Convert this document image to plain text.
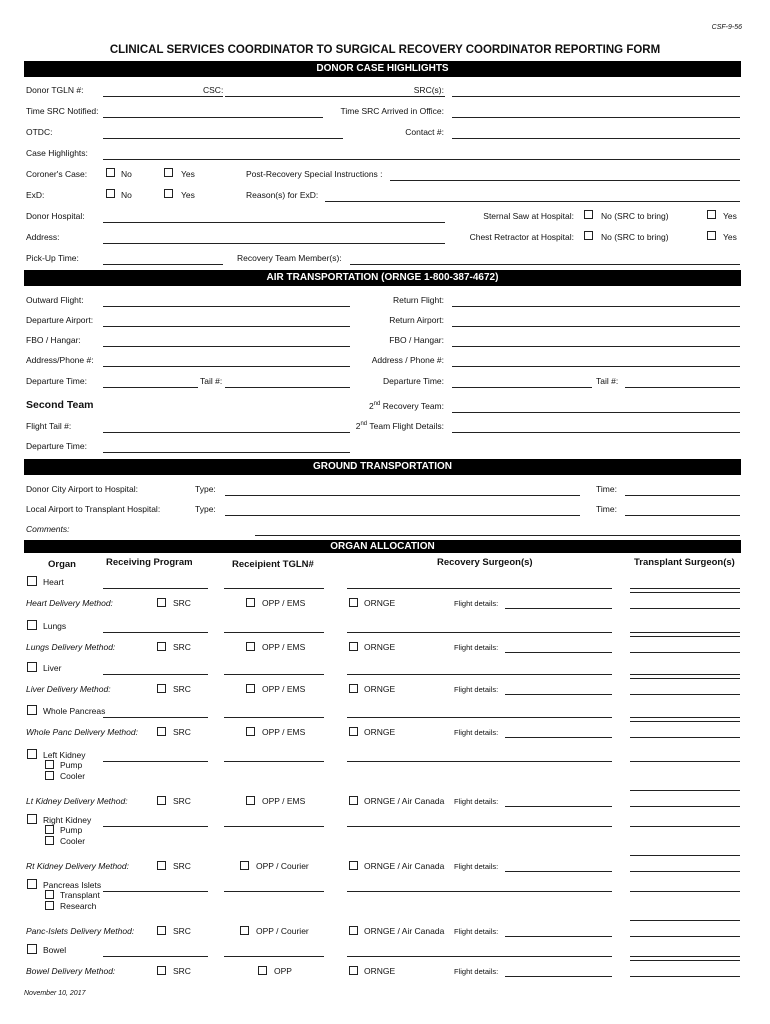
CSF-9-56
CLINICAL SERVICES COORDINATOR TO SURGICAL RECOVERY COORDINATOR REPORTING FORM
DONOR CASE HIGHLIGHTS
Donor TGLN #:	CSC:	SRC(s):
Time SRC Notified:	Time SRC Arrived in Office:
OTDC:	Contact #:
Case Highlights:
Coroner's Case:	No	Yes	Post-Recovery Special Instructions :
ExD:	No	Yes	Reason(s) for ExD:
Donor Hospital:	Sternal Saw at Hospital:	No (SRC to bring)	Yes
Address:	Chest Retractor at Hospital:	No (SRC to bring)	Yes
Pick-Up Time:	Recovery Team Member(s):
AIR TRANSPORTATION (ORNGE 1-800-387-4672)
Outward Flight:	Return Flight:
Departure Airport:	Return Airport:
FBO / Hangar:	FBO / Hangar:
Address/Phone #:	Address / Phone #:
Departure Time:	Tail #:	Departure Time:	Tail #:
Second Team	2nd Recovery Team:
Flight Tail #:	2nd Team Flight Details:
Departure Time:
GROUND TRANSPORTATION
Donor City Airport to Hospital:	Type:	Time:
Local Airport to Transplant Hospital:	Type:	Time:
Comments:
ORGAN ALLOCATION
Organ	Receiving Program	Receipient TGLN#	Recovery Surgeon(s)	Transplant Surgeon(s)
Heart
Heart Delivery Method:	SRC	OPP / EMS	ORNGE	Flight details:
Lungs
Lungs Delivery Method:	SRC	OPP / EMS	ORNGE	Flight details:
Liver
Liver Delivery Method:	SRC	OPP / EMS	ORNGE	Flight details:
Whole Pancreas
Whole Panc Delivery Method:	SRC	OPP / EMS	ORNGE	Flight details:
Left Kidney
Pump
Cooler
Lt Kidney Delivery Method:	SRC	OPP / EMS	ORNGE / Air Canada Flight details:
Right Kidney
Pump
Cooler
Rt Kidney Delivery Method:	SRC	OPP / Courier	ORNGE / Air Canada Flight details:
Pancreas Islets
Transplant
Research
Panc-Islets Delivery Method:	SRC	OPP / Courier	ORNGE / Air Canada Flight details:
Bowel
Bowel Delivery Method:	SRC	OPP	ORNGE	Flight details:
November 10, 2017
